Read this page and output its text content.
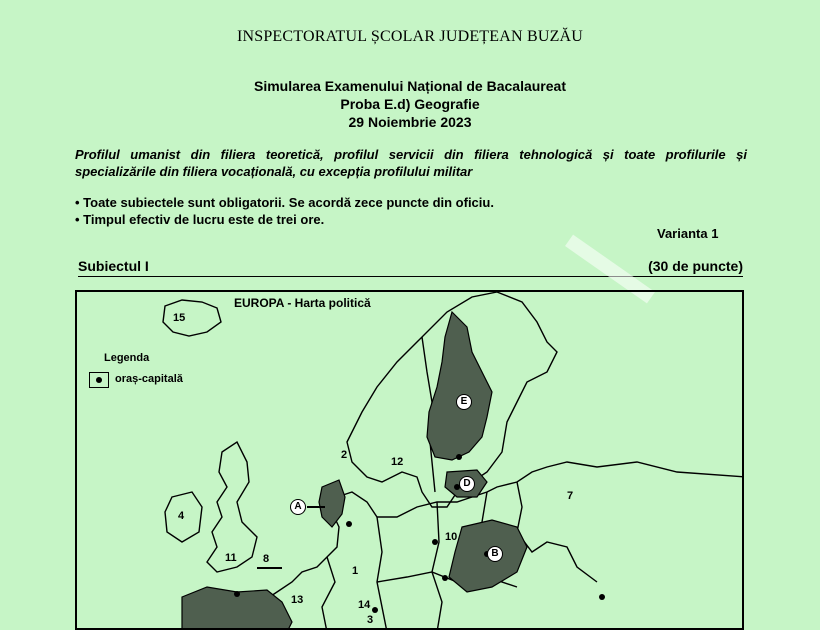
INSPECTORATUL ȘCOLAR JUDEȚEAN BUZĂU
Simularea Examenului Național de Bacalaureat
Proba E.d) Geografie
29 Noiembrie 2023
Profilul umanist din filiera teoretică, profilul servicii din filiera tehnologică și toate profilurile și
specializările din filiera vocațională, cu excepția profilului militar
• Toate subiectele sunt obligatorii. Se acordă zece puncte din oficiu.
• Timpul efectiv de lucru este de trei ore.
Varianta 1
Subiectul I	(30 de puncte)
EUROPA - Harta politică
Legenda
oraș-capitală
15
2
12
4
7
10
11 8
1
13	14
3
A
B
D
E
